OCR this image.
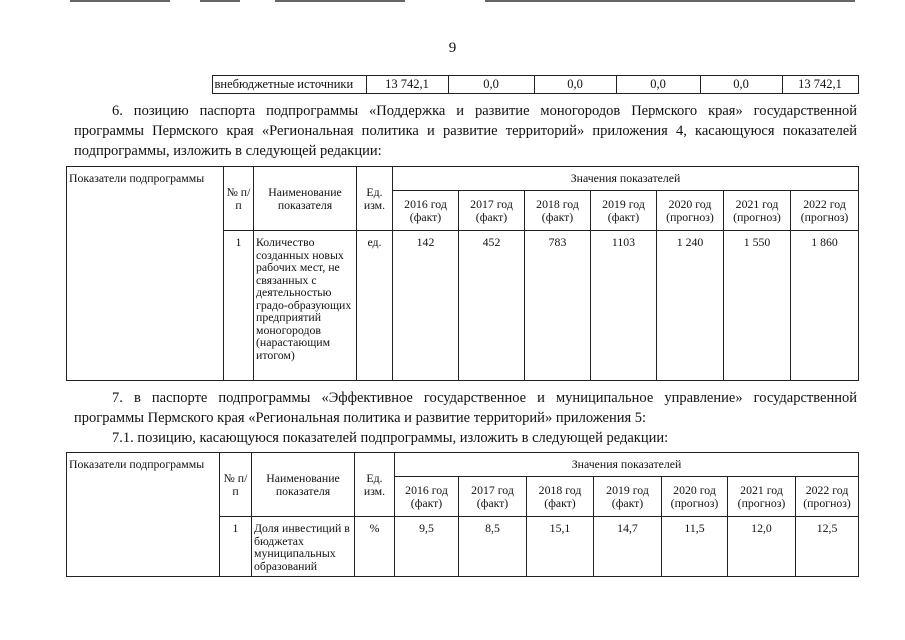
9
	внебюджетные источники	13 742,1	0,0	0,0	0,0	0,0	13 742,1
6. позицию паспорта подпрограммы «Поддержка и развитие моногородов Пермского края» государственной программы Пермского края «Региональная политика и развитие территорий» приложения 4, касающуюся показателей подпрограммы, изложить в следующей редакции:
Показатели подпрограммы	№ п/п	Наименование показателя	Ед. изм.	Значения показателей						
				2016 год (факт)	2017 год (факт)	2018 год (факт)	2019 год (факт)	2020 год (прогноз)	2021 год (прогноз)	2022 год (прогноз)
	1	Количество созданных новых рабочих мест, не связанных с деятельностью градо-образующих предприятий моногородов (нарастающим итогом)	ед.	142	452	783	1103	1 240	1 550	1 860
7. в паспорте подпрограммы «Эффективное государственное и муниципальное управление» государственной программы Пермского края «Региональная политика и развитие территорий» приложения 5:
7.1. позицию, касающуюся показателей подпрограммы, изложить в следующей редакции:
Показатели подпрограммы	№ п/п	Наименование показателя	Ед. изм.	Значения показателей						
				2016 год (факт)	2017 год (факт)	2018 год (факт)	2019 год (факт)	2020 год (прогноз)	2021 год (прогноз)	2022 год (прогноз)
	1	Доля инвестиций в бюджетах муниципальных образований	%	9,5	8,5	15,1	14,7	11,5	12,0	12,5
